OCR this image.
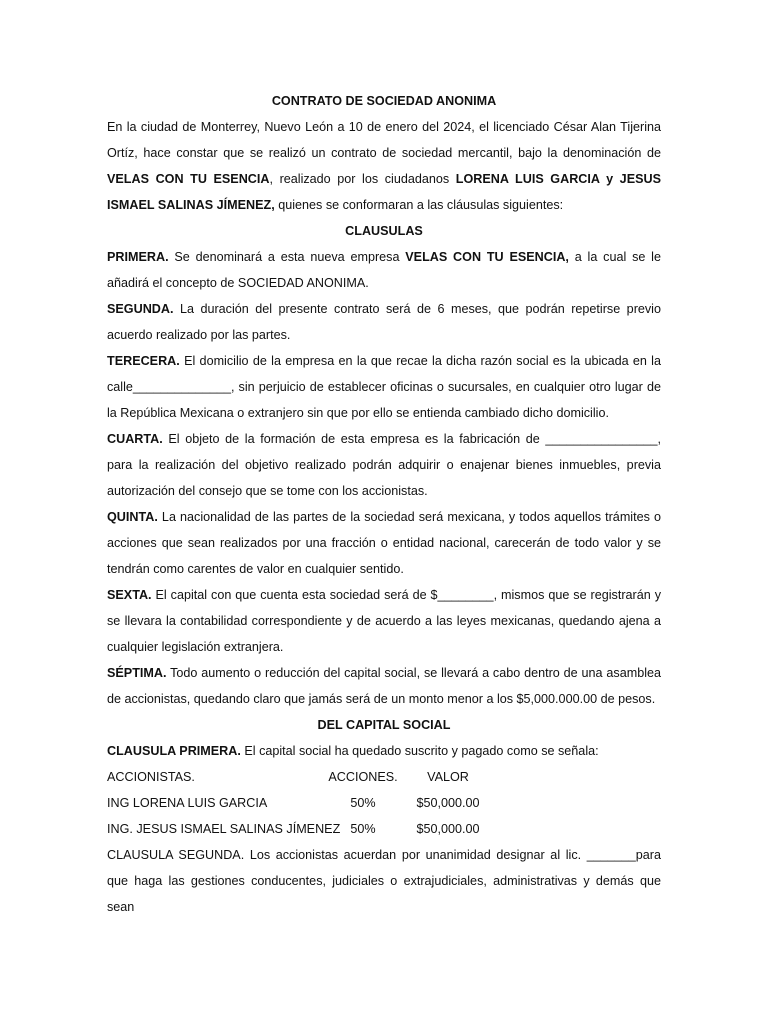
CONTRATO DE SOCIEDAD ANONIMA

En la ciudad de Monterrey, Nuevo León a 10 de enero del 2024, el licenciado César Alan Tijerina Ortíz, hace constar que se realizó un contrato de sociedad mercantil, bajo la denominación de VELAS CON TU ESENCIA, realizado por los ciudadanos LORENA LUIS GARCIA y JESUS ISMAEL SALINAS JÍMENEZ, quienes se conformaran a las cláusulas siguientes:

CLAUSULAS

PRIMERA. Se denominará a esta nueva empresa VELAS CON TU ESENCIA, a la cual se le añadirá el concepto de SOCIEDAD ANONIMA.

SEGUNDA. La duración del presente contrato será de 6 meses, que podrán repetirse previo acuerdo realizado por las partes.

TERECERA. El domicilio de la empresa en la que recae la dicha razón social es la ubicada en la calle______________, sin perjuicio de establecer oficinas o sucursales, en cualquier otro lugar de la República Mexicana o extranjero sin que por ello se entienda cambiado dicho domicilio.

CUARTA. El objeto de la formación de esta empresa es la fabricación de ________________, para la realización del objetivo realizado podrán adquirir o enajenar bienes inmuebles, previa autorización del consejo que se tome con los accionistas.

QUINTA. La nacionalidad de las partes de la sociedad será mexicana, y todos aquellos trámites o acciones que sean realizados por una fracción o entidad nacional, carecerán de todo valor y se tendrán como carentes de valor en cualquier sentido.

SEXTA. El capital con que cuenta esta sociedad será de $________, mismos que se registrarán y se llevara la contabilidad correspondiente y de acuerdo a las leyes mexicanas, quedando ajena a cualquier legislación extranjera.

SÉPTIMA. Todo aumento o reducción del capital social, se llevará a cabo dentro de una asamblea de accionistas, quedando claro que jamás será de un monto menor a los $5,000.000.00 de pesos.

DEL CAPITAL SOCIAL

CLAUSULA PRIMERA. El capital social ha quedado suscrito y pagado como se señala:

ACCIONISTAS.	ACCIONES.	VALOR
ING LORENA LUIS GARCIA	50%	$50,000.00
ING. JESUS ISMAEL SALINAS JÍMENEZ 50%	$50,000.00

CLAUSULA SEGUNDA. Los accionistas acuerdan por unanimidad designar al lic. _______para que haga las gestiones conducentes, judiciales o extrajudiciales, administrativas y demás que sean
